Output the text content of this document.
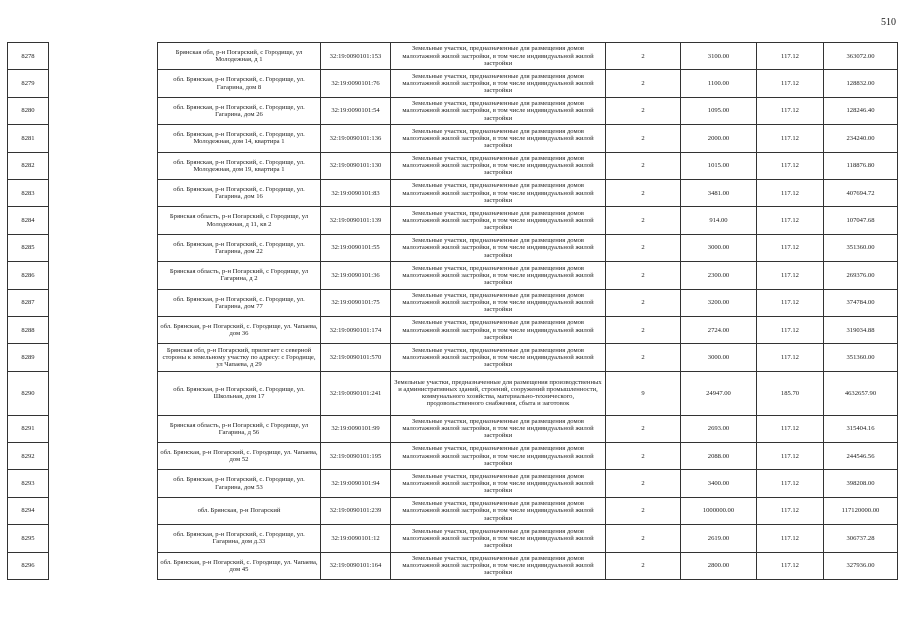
510
8278		Брянская обл, р-н Погарский, с Городище, ул Молодежная, д 1	32:19:0090101:153	Земельные участки, предназначенные для размещения домов малоэтажной жилой застройки, в том числе индивидуальной жилой застройки	2	3100.00	117.12	363072.00
8279		обл. Брянская, р-н Погарский, с. Городище, ул. Гагарина, дом 8	32:19:0090101:76	Земельные участки, предназначенные для размещения домов малоэтажной жилой застройки, в том числе индивидуальной жилой застройки	2	1100.00	117.12	128832.00
8280		обл. Брянская, р-н Погарский, с. Городище, ул. Гагарина, дом 26	32:19:0090101:54	Земельные участки, предназначенные для размещения домов малоэтажной жилой застройки, в том числе индивидуальной жилой застройки	2	1095.00	117.12	128246.40
8281		обл. Брянская, р-н Погарский, с. Городище, ул. Молодежная, дом 14, квартира 1	32:19:0090101:136	Земельные участки, предназначенные для размещения домов малоэтажной жилой застройки, в том числе индивидуальной жилой застройки	2	2000.00	117.12	234240.00
8282		обл. Брянская, р-н Погарский, с. Городище, ул. Молодежная, дом 19, квартира 1	32:19:0090101:130	Земельные участки, предназначенные для размещения домов малоэтажной жилой застройки, в том числе индивидуальной жилой застройки	2	1015.00	117.12	118876.80
8283		обл. Брянская, р-н Погарский, с. Городище, ул. Гагарина, дом 16	32:19:0090101:83	Земельные участки, предназначенные для размещения домов малоэтажной жилой застройки, в том числе индивидуальной жилой застройки	2	3481.00	117.12	407694.72
8284		Брянская область, р-н Погарский, с Городище, ул Молодежная, д 11, кв 2	32:19:0090101:139	Земельные участки, предназначенные для размещения домов малоэтажной жилой застройки, в том числе индивидуальной жилой застройки	2	914.00	117.12	107047.68
8285		обл. Брянская, р-н Погарский, с. Городище, ул. Гагарина, дом 22	32:19:0090101:55	Земельные участки, предназначенные для размещения домов малоэтажной жилой застройки, в том числе индивидуальной жилой застройки	2	3000.00	117.12	351360.00
8286		Брянская область, р-н Погарский, с Городище, ул Гагарина, д 2	32:19:0090101:36	Земельные участки, предназначенные для размещения домов малоэтажной жилой застройки, в том числе индивидуальной жилой застройки	2	2300.00	117.12	269376.00
8287		обл. Брянская, р-н Погарский, с. Городище, ул. Гагарина, дом 77	32:19:0090101:75	Земельные участки, предназначенные для размещения домов малоэтажной жилой застройки, в том числе индивидуальной жилой застройки	2	3200.00	117.12	374784.00
8288		обл. Брянская, р-н Погарский, с. Городище, ул. Чапаева, дом 36	32:19:0090101:174	Земельные участки, предназначенные для размещения домов малоэтажной жилой застройки, в том числе индивидуальной жилой застройки	2	2724.00	117.12	319034.88
8289		Брянская обл, р-н Погарский, прилегает с северной стороны к земельному участку по адресу: с Городище, ул Чапаева, д 29	32:19:0090101:570	Земельные участки, предназначенные для размещения домов малоэтажной жилой застройки, в том числе индивидуальной жилой застройки	2	3000.00	117.12	351360.00
8290		обл. Брянская, р-н Погарский, с. Городище, ул. Школьная, дом 17	32:19:0090101:241	Земельные участки, предназначенные для размещения производственных и административных зданий, строений, сооружений промышленности, коммунального хозяйства, материально-технического, продовольственного снабжения, сбыта и заготовок	9	24947.00	185.70	4632657.90
8291		Брянская область, р-н Погарский, с Городище, ул Гагарина, д 56	32:19:0090101:99	Земельные участки, предназначенные для размещения домов малоэтажной жилой застройки, в том числе индивидуальной жилой застройки	2	2693.00	117.12	315404.16
8292		обл. Брянская, р-н Погарский, с. Городище, ул. Чапаева, дом 52	32:19:0090101:195	Земельные участки, предназначенные для размещения домов малоэтажной жилой застройки, в том числе индивидуальной жилой застройки	2	2088.00	117.12	244546.56
8293		обл. Брянская, р-н Погарский, с. Городище, ул. Гагарина, дом 53	32:19:0090101:94	Земельные участки, предназначенные для размещения домов малоэтажной жилой застройки, в том числе индивидуальной жилой застройки	2	3400.00	117.12	398208.00
8294		обл. Брянская, р-н Погарский	32:19:0090101:239	Земельные участки, предназначенные для размещения домов малоэтажной жилой застройки, в том числе индивидуальной жилой застройки	2	1000000.00	117.12	117120000.00
8295		обл. Брянская, р-н Погарский, с. Городище, ул. Гагарина, дом д.33	32:19:0090101:12	Земельные участки, предназначенные для размещения домов малоэтажной жилой застройки, в том числе индивидуальной жилой застройки	2	2619.00	117.12	306737.28
8296		обл. Брянская, р-н Погарский, с. Городище, ул. Чапаева, дом 45	32:19:0090101:164	Земельные участки, предназначенные для размещения домов малоэтажной жилой застройки, в том числе индивидуальной жилой застройки	2	2800.00	117.12	327936.00
